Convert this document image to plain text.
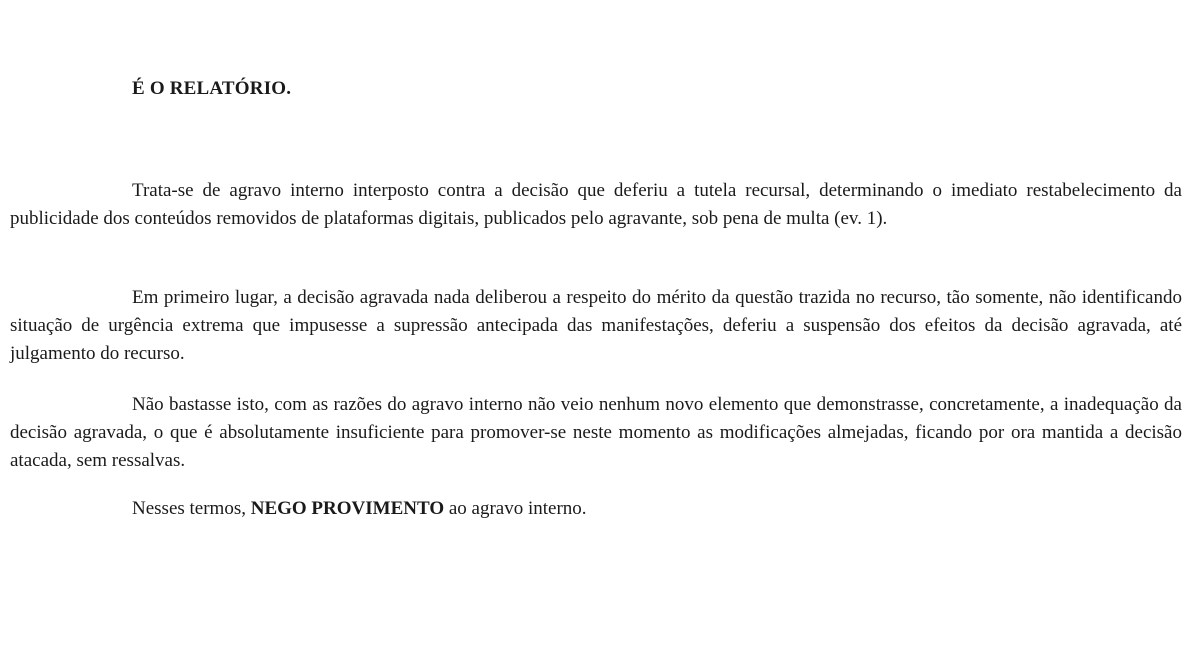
É O RELATÓRIO.

Trata-se de agravo interno interposto contra a decisão que deferiu a tutela recursal, determinando o imediato restabelecimento da publicidade dos conteúdos removidos de plataformas digitais, publicados pelo agravante, sob pena de multa (ev. 1).

Em primeiro lugar, a decisão agravada nada deliberou a respeito do mérito da questão trazida no recurso, tão somente, não identificando situação de urgência extrema que impusesse a supressão antecipada das manifestações, deferiu a suspensão dos efeitos da decisão agravada, até julgamento do recurso.

Não bastasse isto, com as razões do agravo interno não veio nenhum novo elemento que demonstrasse, concretamente, a inadequação da decisão agravada, o que é absolutamente insuficiente para promover-se neste momento as modificações almejadas, ficando por ora mantida a decisão atacada, sem ressalvas.

Nesses termos, NEGO PROVIMENTO ao agravo interno.
